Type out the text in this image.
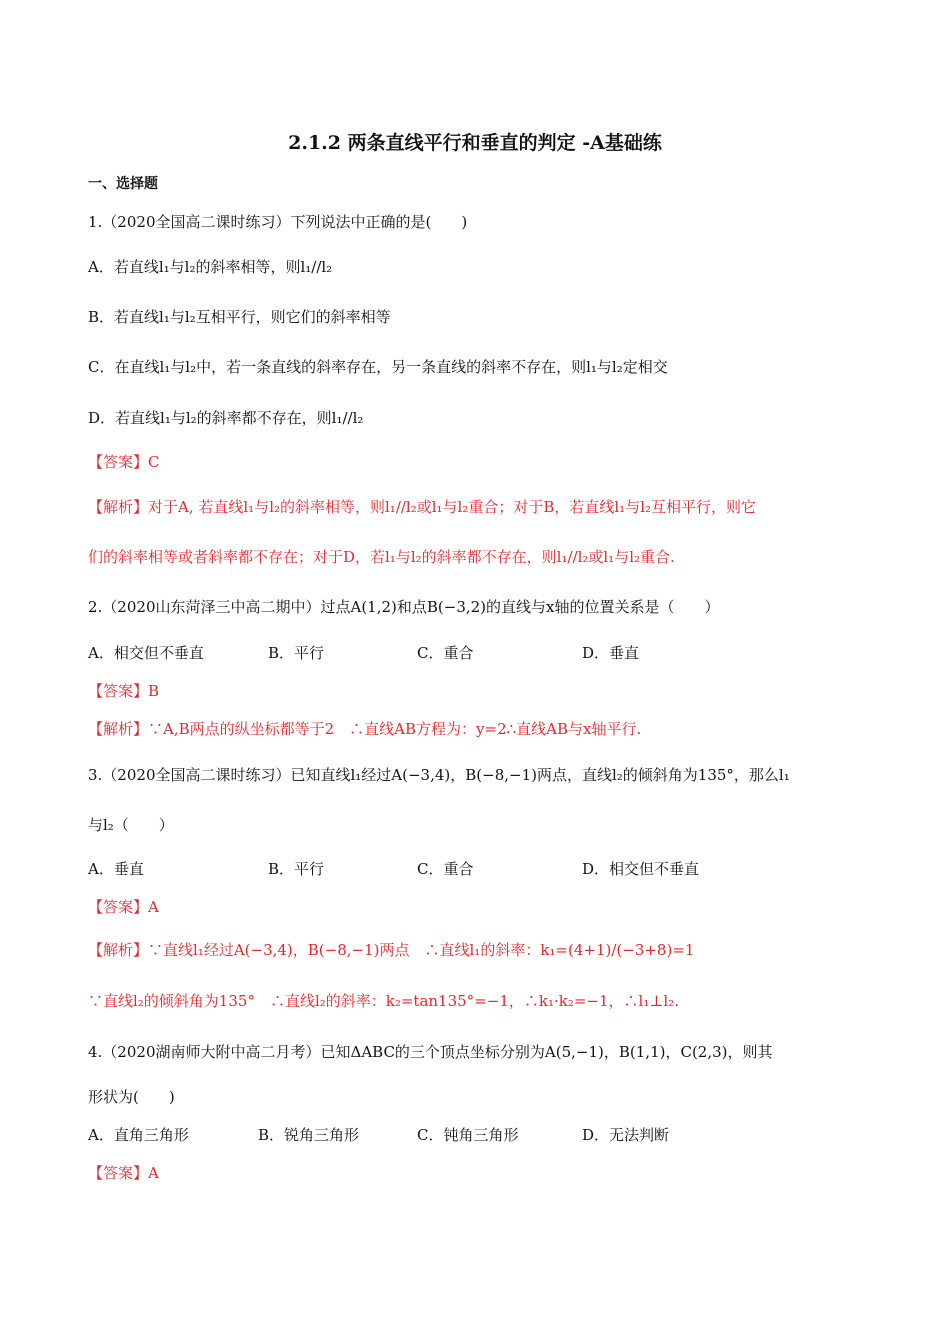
2.1.2 两条直线平行和垂直的判定 -A基础练
一、选择题
1.（2020全国高二课时练习）下列说法中正确的是(　　)
A．若直线l₁与l₂的斜率相等，则l₁//l₂
B．若直线l₁与l₂互相平行，则它们的斜率相等
C．在直线l₁与l₂中，若一条直线的斜率存在，另一条直线的斜率不存在，则l₁与l₂定相交
D．若直线l₁与l₂的斜率都不存在，则l₁//l₂
【答案】C
【解析】对于A, 若直线l₁与l₂的斜率相等，则l₁//l₂或l₁与l₂重合；对于B，若直线l₁与l₂互相平行，则它
们的斜率相等或者斜率都不存在；对于D，若l₁与l₂的斜率都不存在，则l₁//l₂或l₁与l₂重合.
2.（2020山东菏泽三中高二期中）过点A(1,2)和点B(−3,2)的直线与x轴的位置关系是（　　）
A．相交但不垂直	B．平行	C．重合	D．垂直
【答案】B
【解析】∵A,B两点的纵坐标都等于2　∴直线AB方程为：y=2∴直线AB与x轴平行.
3.（2020全国高二课时练习）已知直线l₁经过A(−3,4)，B(−8,−1)两点，直线l₂的倾斜角为135°，那么l₁
与l₂（　　）
A．垂直	B．平行	C．重合	D．相交但不垂直
【答案】A
【解析】∵直线l₁经过A(−3,4)，B(−8,−1)两点　∴直线l₁的斜率：k₁=(4+1)/(−3+8)=1
∵直线l₂的倾斜角为135°　∴直线l₂的斜率：k₂=tan135°=−1，∴k₁·k₂=−1，∴l₁⊥l₂.
4.（2020湖南师大附中高二月考）已知ΔABC的三个顶点坐标分别为A(5,−1)，B(1,1)，C(2,3)，则其
形状为(　　)
A．直角三角形	B．锐角三角形	C．钝角三角形	D．无法判断
【答案】A
